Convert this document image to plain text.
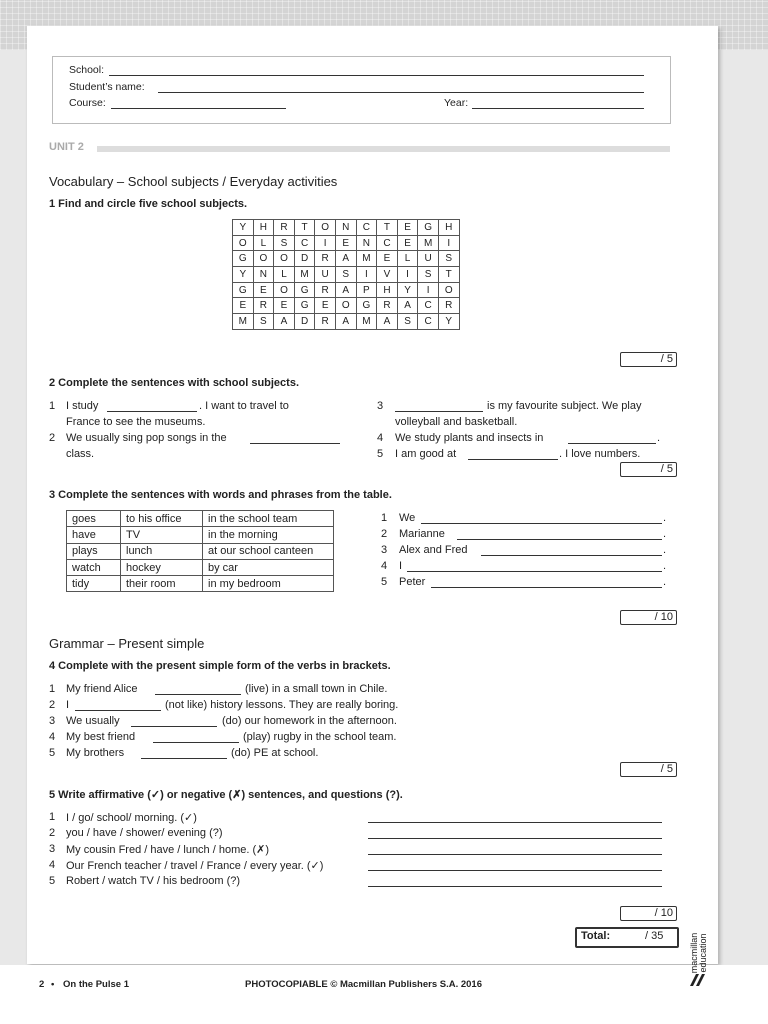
School:
Student’s name:
Course:	Year:
UNIT 2
Vocabulary – School subjects / Everyday activities
1 Find and circle five school subjects.
Y	H	R	T	O	N	C	T	E	G	H
O	L	S	C	I	E	N	C	E	M	I
G	O	O	D	R	A	M	E	L	U	S
Y	N	L	M	U	S	I	V	I	S	T
G	E	O	G	R	A	P	H	Y	I	O
E	R	E	G	E	O	G	R	A	C	R
M	S	A	D	R	A	M	A	S	C	Y
/ 5
2 Complete the sentences with school subjects.
1 I study	. I want to travel to
France to see the museums.
2 We usually sing pop songs in the
class.
3	is my favourite subject. We play
volleyball and basketball.
4 We study plants and insects in	.
5 I am good at	. I love numbers.
/ 5
3 Complete the sentences with words and phrases from the table.
goes	to his office	in the school team
have	TV	in the morning
plays	lunch	at our school canteen
watch	hockey	by car
tidy	their room	in my bedroom
1 We	.
2 Marianne	.
3 Alex and Fred	.
4 I	.
5 Peter	.
/ 10
Grammar – Present simple
4 Complete with the present simple form of the verbs in brackets.
1 My friend Alice	(live) in a small town in Chile.
2 I	(not like) history lessons. They are really boring.
3 We usually	(do) our homework in the afternoon.
4 My best friend	(play) rugby in the school team.
5 My brothers	(do) PE at school.
/ 5
5 Write affirmative (✓) or negative (✗) sentences, and questions (?).
1 I / go/ school/ morning. (✓)
2 you / have / shower/ evening (?)
3 My cousin Fred / have / lunch / home. (✗)
4 Our French teacher / travel / France / every year. (✓)
5 Robert / watch TV / his bedroom (?)
/ 10
Total:	/ 35	macmillan education
2 • On the Pulse 1	PHOTOCOPIABLE © Macmillan Publishers S.A. 2016
